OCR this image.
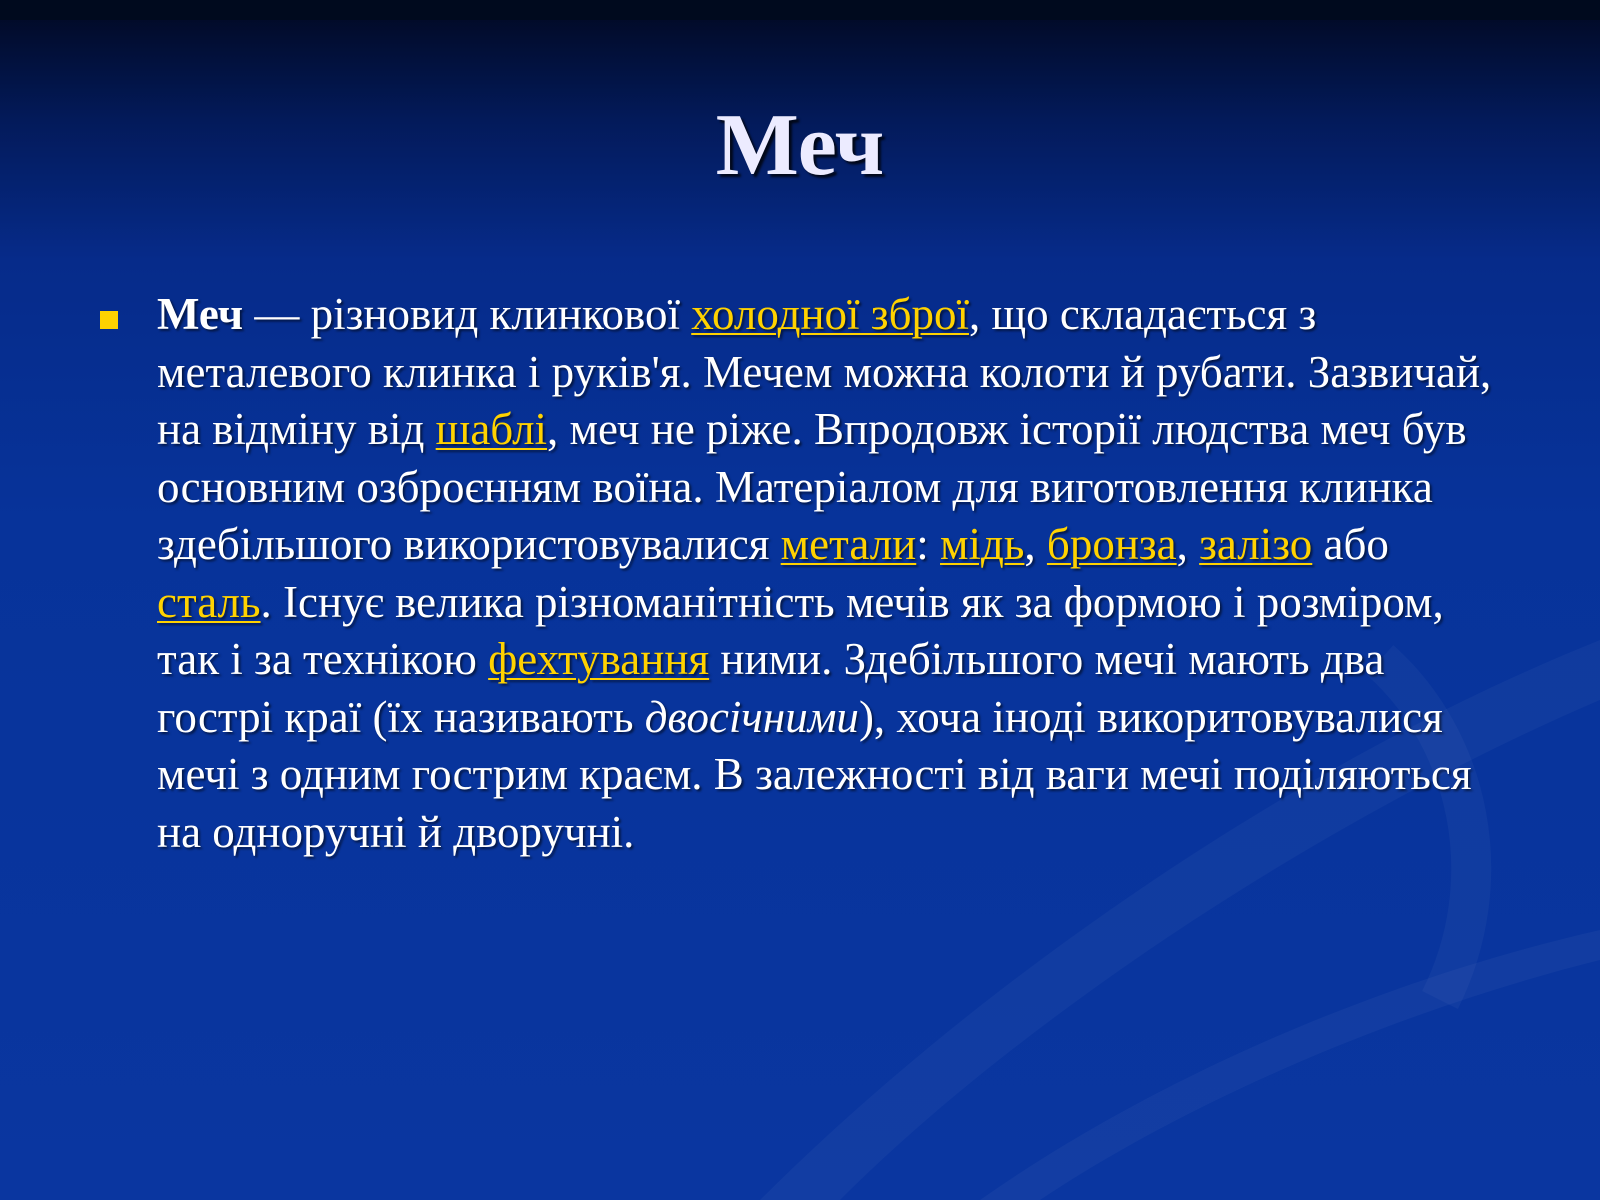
Меч
Меч — різновид клинкової холодної зброї, що складається з металевого клинка і руків'я. Мечем можна колоти й рубати. Зазвичай, на відміну від шаблі, меч не ріже. Впродовж історії людства меч був основним озброєнням воїна. Матеріалом для виготовлення клинка здебільшого використовувалися метали: мідь, бронза, залізо або сталь. Існує велика різноманітність мечів як за формою і розміром, так і за технікою фехтування ними. Здебільшого мечі мають два гострі краї (їх називають двосічними), хоча іноді викоритовувалися мечі з одним гострим краєм. В залежності від ваги мечі поділяються на одноручні й дворучні.
